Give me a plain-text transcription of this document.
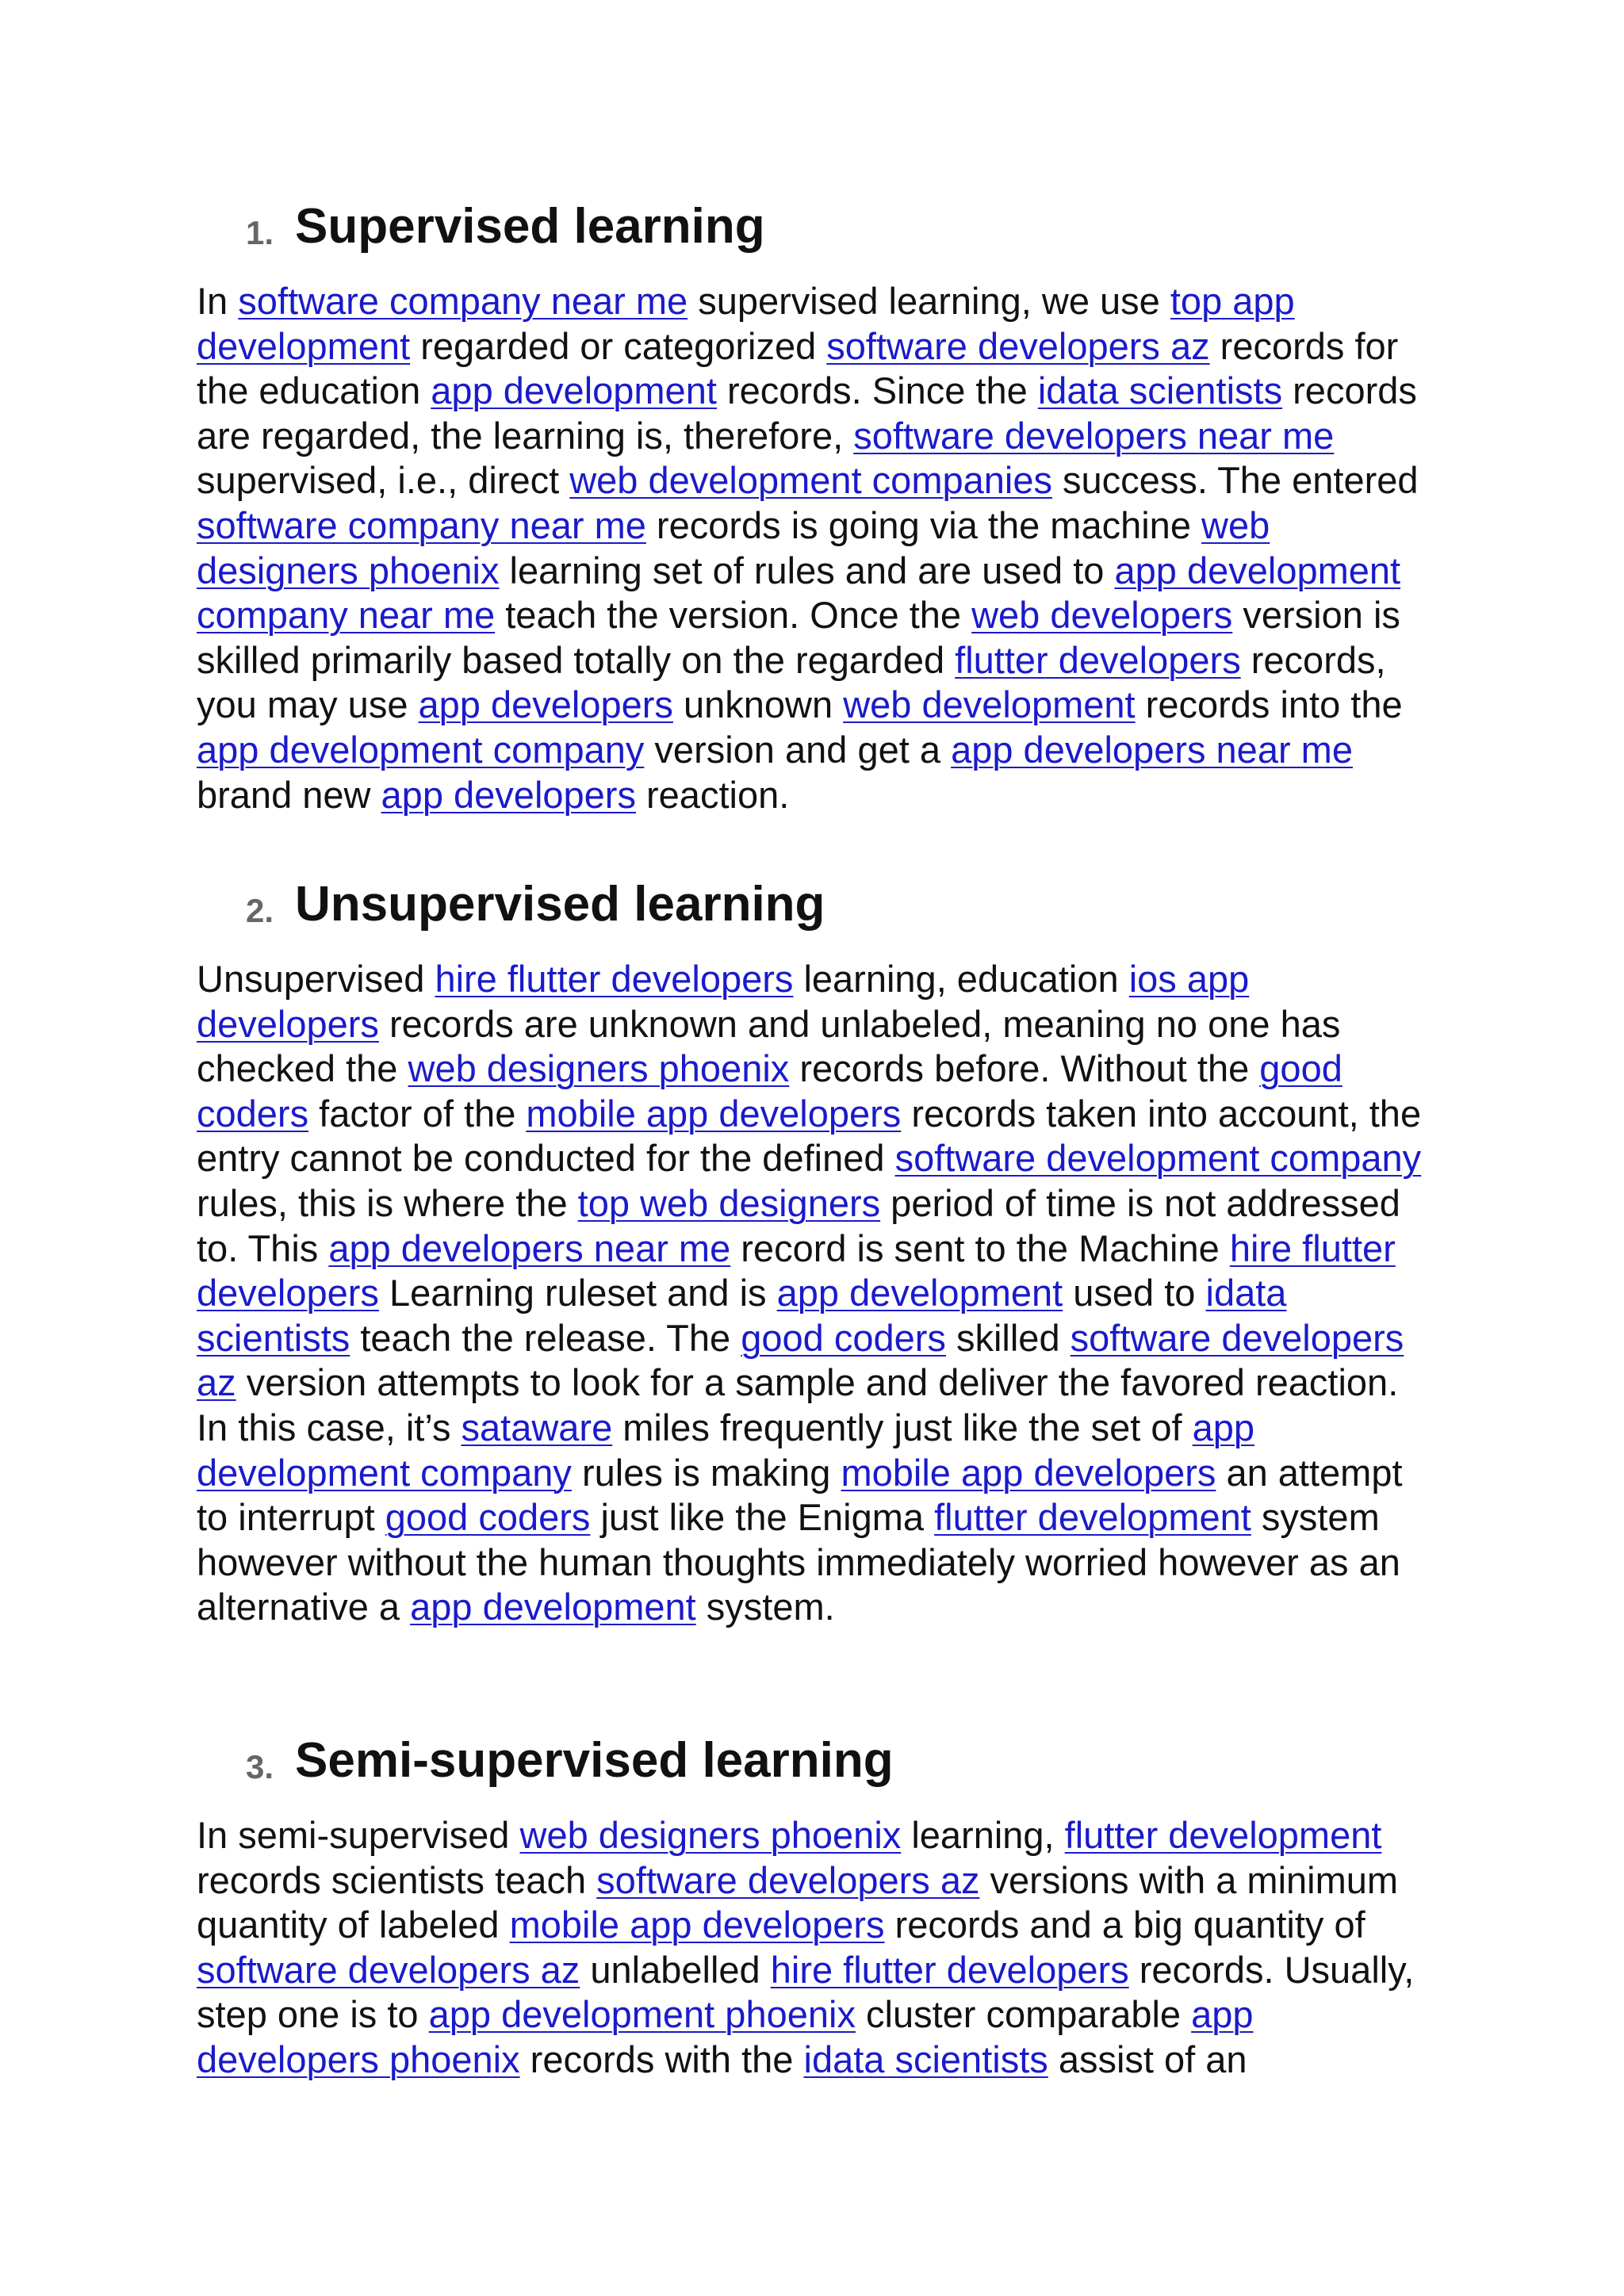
1. Supervised learning

In software company near me supervised learning, we use top app development regarded or categorized software developers az records for the education app development records. Since the idata scientists records are regarded, the learning is, therefore, software developers near me supervised, i.e., direct web development companies success. The entered software company near me records is going via the machine web designers phoenix learning set of rules and are used to app development company near me teach the version. Once the web developers version is skilled primarily based totally on the regarded flutter developers records, you may use app developers unknown web development records into the app development company version and get a app developers near me brand new app developers reaction.

2. Unsupervised learning

Unsupervised hire flutter developers learning, education ios app developers records are unknown and unlabeled, meaning no one has checked the web designers phoenix records before. Without the good coders factor of the mobile app developers records taken into account, the entry cannot be conducted for the defined software development company rules, this is where the top web designers period of time is not addressed to. This app developers near me record is sent to the Machine hire flutter developers Learning ruleset and is app development used to idata scientists teach the release. The good coders skilled software developers az version attempts to look for a sample and deliver the favored reaction. In this case, it’s sataware miles frequently just like the set of app development company rules is making mobile app developers an attempt to interrupt good coders just like the Enigma flutter development system however without the human thoughts immediately worried however as an alternative a app development system.

3. Semi-supervised learning

In semi-supervised web designers phoenix learning, flutter development records scientists teach software developers az versions with a minimum quantity of labeled mobile app developers records and a big quantity of software developers az unlabelled hire flutter developers records. Usually, step one is to app development phoenix cluster comparable app developers phoenix records with the idata scientists assist of an
